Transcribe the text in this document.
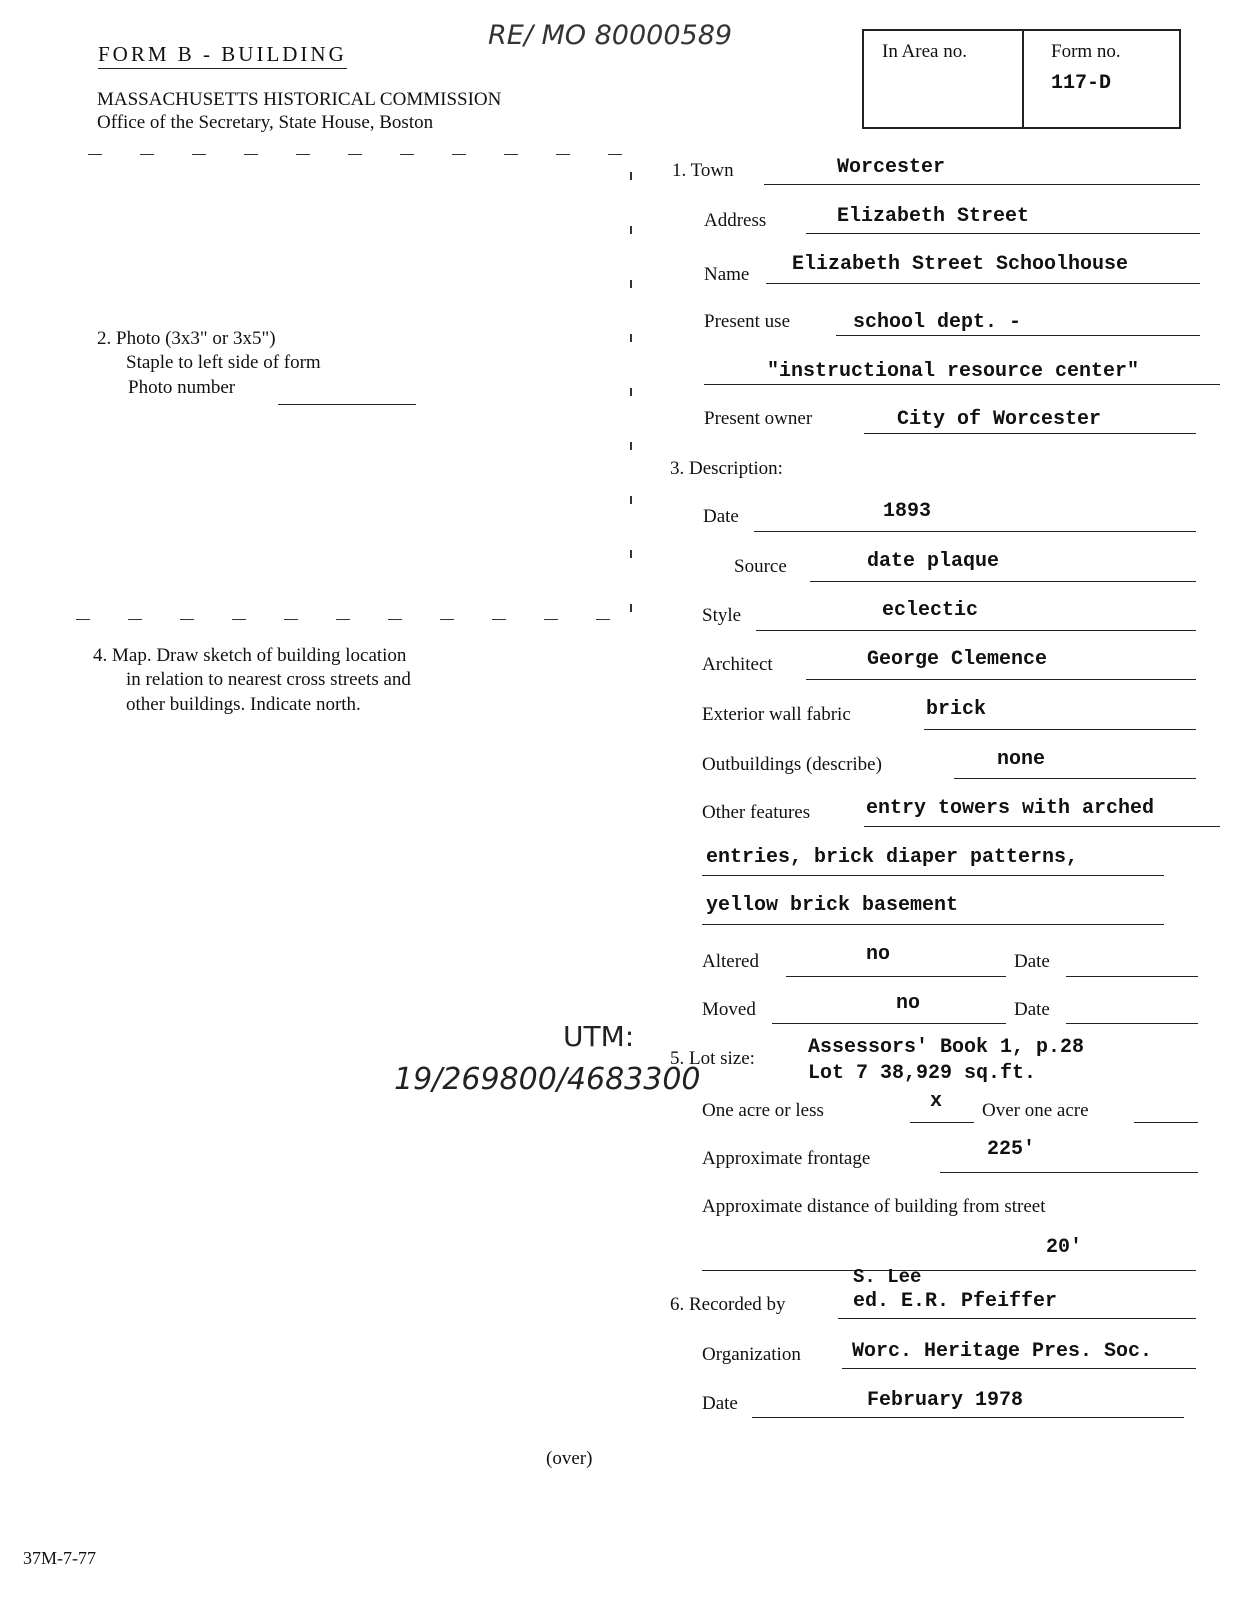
FORM B - BUILDING
RE/ MO 80000589
MASSACHUSETTS HISTORICAL COMMISSION
Office of the Secretary, State House, Boston
In Area no.	Form no.
117-D
2. Photo (3x3" or 3x5")
Staple to left side of form
Photo number
4. Map. Draw sketch of building location
in relation to nearest cross streets and
other buildings. Indicate north.
UTM:
19/269800/4683300
1. Town	Worcester
Address	Elizabeth Street
Name Elizabeth Street Schoolhouse
Present use	school dept. -
"instructional resource center"
Present owner	City of Worcester
3. Description:
Date	1893
Source	date plaque
Style	eclectic
Architect	George Clemence
Exterior wall fabric	brick
Outbuildings (describe)	none
Other features	entry towers with arched
entries, brick diaper patterns,
yellow brick basement
Altered	no	Date
Moved	no	Date
5. Lot size:	Assessors' Book 1, p.28
Lot 7 38,929 sq.ft.
One acre or less	x Over one acre
Approximate frontage	225'
Approximate distance of building from street
20'
S. Lee
6. Recorded by	ed. E.R. Pfeiffer
Organization	Worc. Heritage Pres. Soc.
Date	February 1978
(over)
37M-7-77
